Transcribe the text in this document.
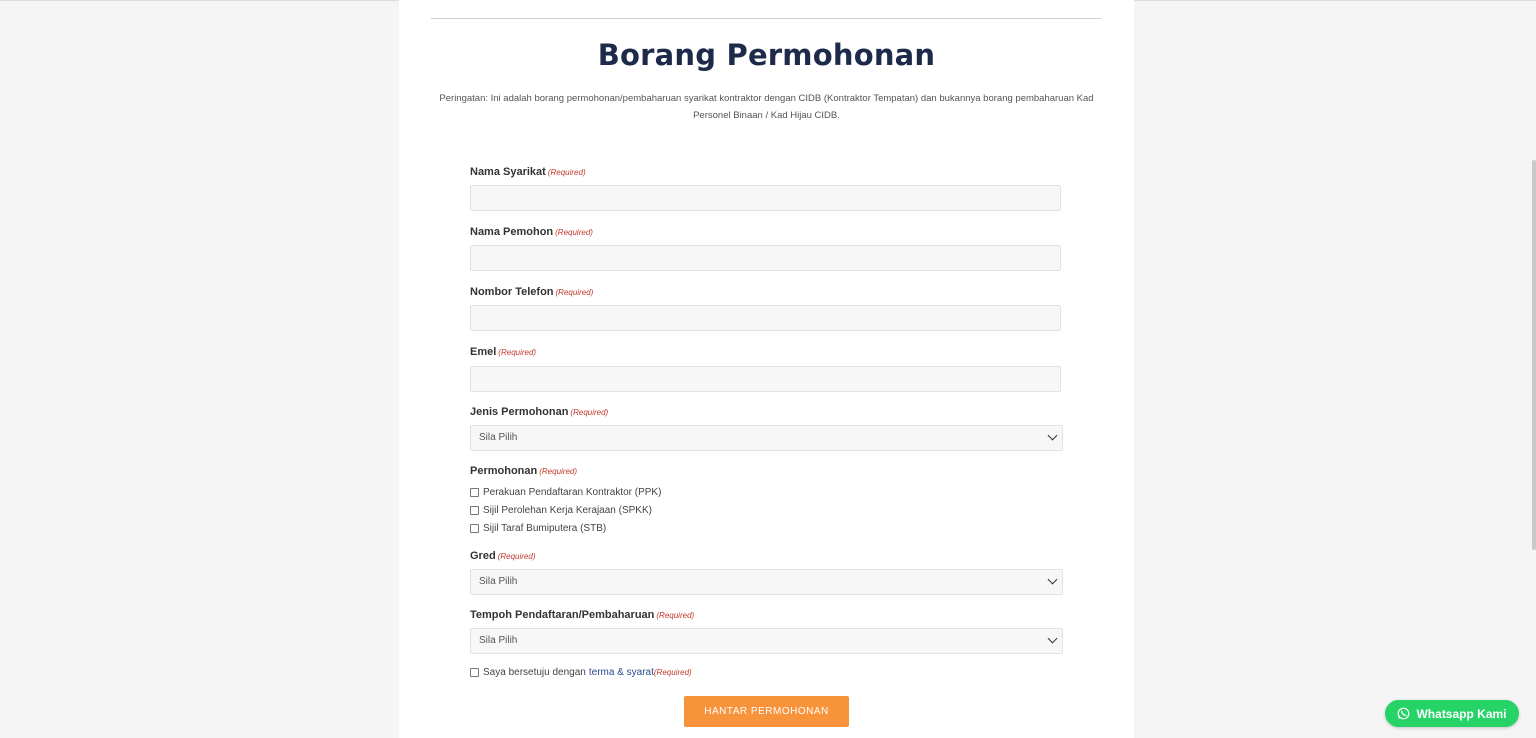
Borang Permohonan
Peringatan: Ini adalah borang permohonan/pembaharuan syarikat kontraktor dengan CIDB (Kontraktor Tempatan) dan bukannya borang pembaharuan Kad Personel Binaan / Kad Hijau CIDB.
Nama Syarikat (Required)
Nama Pemohon (Required)
Nombor Telefon (Required)
Emel (Required)
Jenis Permohonan (Required)
Sila Pilih
Permohonan (Required)
Perakuan Pendaftaran Kontraktor (PPK)
Sijil Perolehan Kerja Kerajaan (SPKK)
Sijil Taraf Bumiputera (STB)
Gred (Required)
Sila Pilih
Tempoh Pendaftaran/Pembaharuan (Required)
Sila Pilih
Saya bersetuju dengan terma & syarat (Required)
HANTAR PERMOHONAN	Whatsapp Kami
